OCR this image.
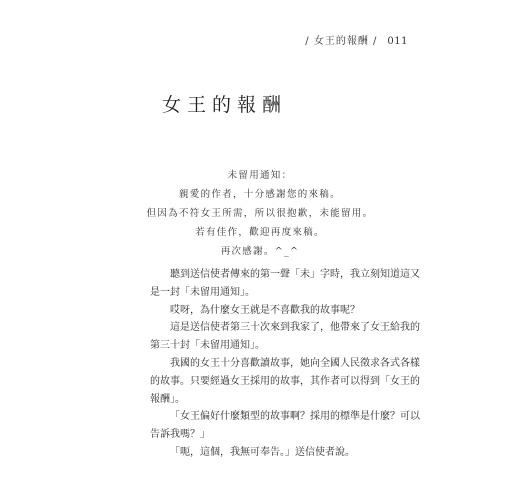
/ 女王的報酬 / 011
女王的報酬
未留用通知：
親愛的作者，十分感謝您的來稿。
但因為不符女王所需，所以很抱歉，未能留用。
若有佳作，歡迎再度來稿。
再次感謝。^_^

聽到送信使者傳來的第一聲「未」字時，我立刻知道這又

是一封「未留用通知」。

哎呀，為什麼女王就是不喜歡我的故事呢？

這是送信使者第三十次來到我家了，他帶來了女王給我的

第三十封「未留用通知」。

我國的女王十分喜歡讀故事，她向全國人民徵求各式各樣

的故事。只要經過女王採用的故事，其作者可以得到「女王的

報酬」。

「女王偏好什麼類型的故事啊？採用的標準是什麼？可以

告訴我嗎？」

「呃，這個，我無可奉告。」送信使者說。
